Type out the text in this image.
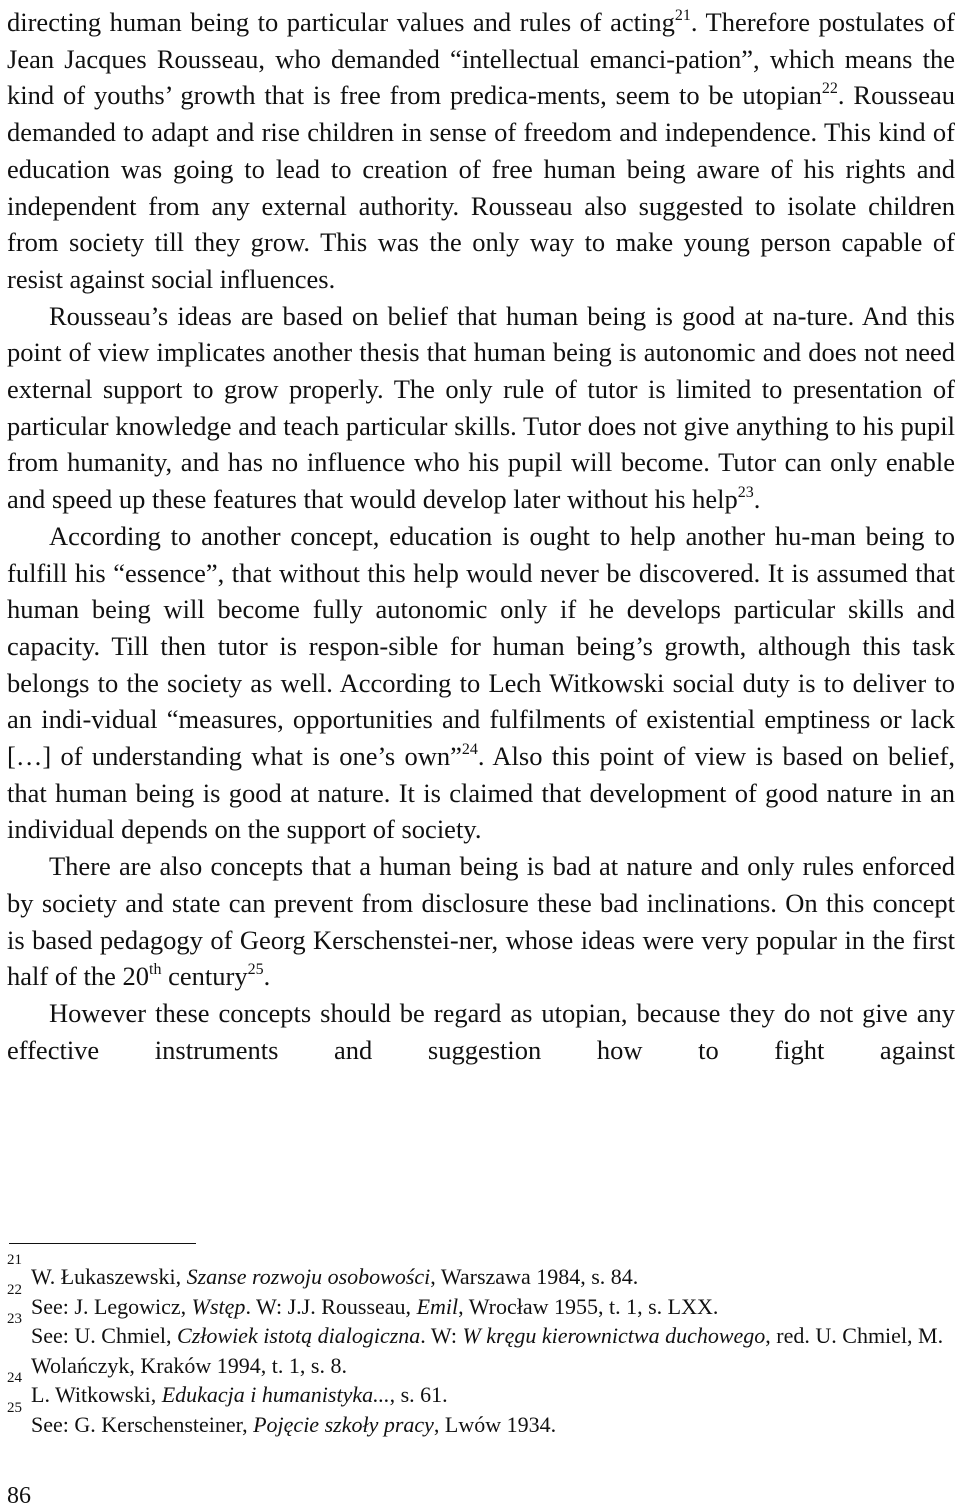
directing human being to particular values and rules of acting$^{21}$. Therefore postulates of Jean Jacques Rousseau, who demanded “intellectual emanci-pation”, which means the kind of youths’ growth that is free from predica-ments, seem to be utopian$^{22}$. Rousseau demanded to adapt and rise children in sense of freedom and independence. This kind of education was going to lead to creation of free human being aware of his rights and independent from any external authority. Rousseau also suggested to isolate children from society till they grow. This was the only way to make young person capable of resist against social influences.

Rousseau’s ideas are based on belief that human being is good at na-ture. And this point of view implicates another thesis that human being is autonomic and does not need external support to grow properly. The only rule of tutor is limited to presentation of particular knowledge and teach particular skills. Tutor does not give anything to his pupil from humanity, and has no influence who his pupil will become. Tutor can only enable and speed up these features that would develop later without his help$^{23}$.

According to another concept, education is ought to help another hu-man being to fulfill his “essence”, that without this help would never be discovered. It is assumed that human being will become fully autonomic only if he develops particular skills and capacity. Till then tutor is respon-sible for human being’s growth, although this task belongs to the society as well. According to Lech Witkowski social duty is to deliver to an indi-vidual “measures, opportunities and fulfilments of existential emptiness or lack […] of understanding what is one’s own”$^{24}$. Also this point of view is based on belief, that human being is good at nature. It is claimed that development of good nature in an individual depends on the support of society.

There are also concepts that a human being is bad at nature and only rules enforced by society and state can prevent from disclosure these bad inclinations. On this concept is based pedagogy of Georg Kerschenstei-ner, whose ideas were very popular in the first half of the 20th century$^{25}$.

However these concepts should be regard as utopian, because they do not give any effective instruments and suggestion how to fight against

21
W. Łukaszewski, Szanse rozwoju osobowości, Warszawa 1984, s. 84.

22
See: J. Legowicz, Wstęp. W: J.J. Rousseau, Emil, Wrocław 1955, t. 1, s. LXX.

23
See: U. Chmiel, Człowiek istotą dialogiczna. W: W kręgu kierownictwa duchowego, red. U. Chmiel, M. Wolańczyk, Kraków 1994, t. 1, s. 8.

24
L. Witkowski, Edukacja i humanistyka..., s. 61.

25
See: G. Kerschensteiner, Pojęcie szkoły pracy, Lwów 1934.

86
